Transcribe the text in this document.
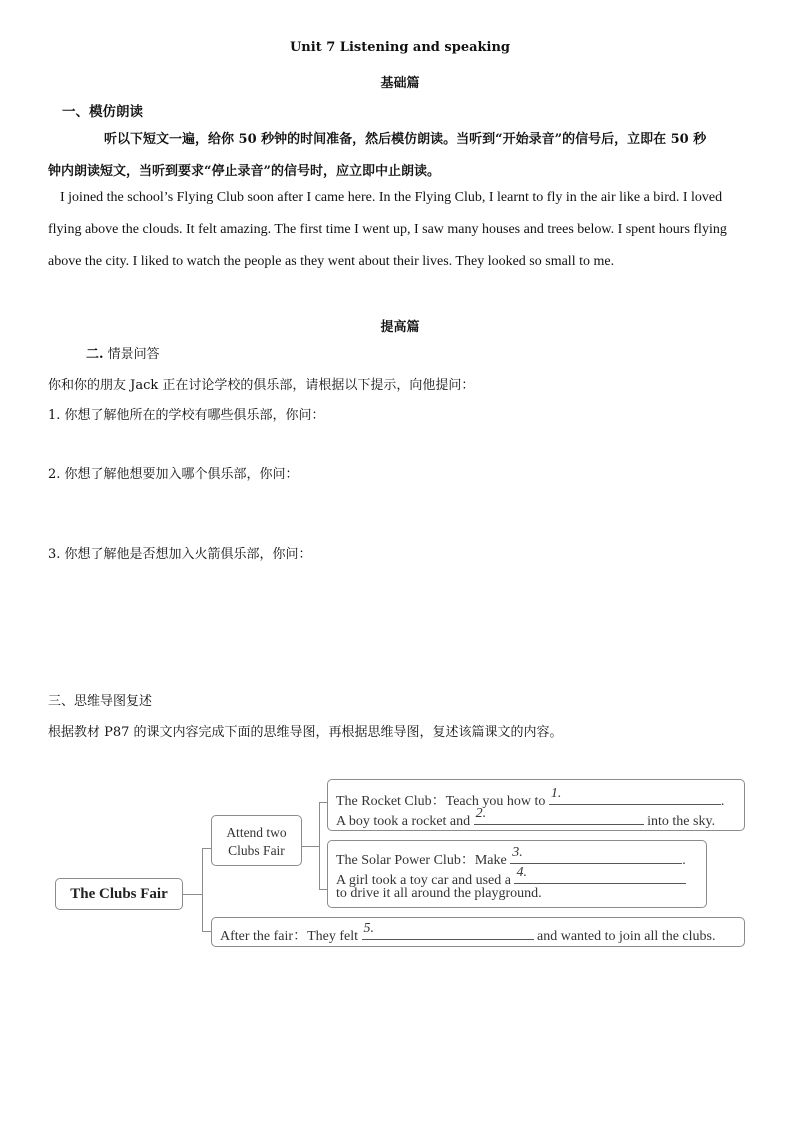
Unit 7 Listening and speaking
基础篇
一、模仿朗读
听以下短文一遍，给你 50 秒钟的时间准备，然后模仿朗读。当听到“开始录音”的信号后，立即在 50 秒
钟内朗读短文，当听到要求“停止录音”的信号时，应立即中止朗读。
I joined the school’s Flying Club soon after I came here. In the Flying Club, I learnt to fly in the air like a bird. I loved
flying above the clouds. It felt amazing. The first time I went up, I saw many houses and trees below. I spent hours flying
above the city. I liked to watch the people as they went about their lives. They looked so small to me.
提高篇
二. 情景问答
你和你的朋友 Jack 正在讨论学校的俱乐部，请根据以下提示，向他提问：
1. 你想了解他所在的学校有哪些俱乐部，你问：
2. 你想了解他想要加入哪个俱乐部，你问：
3. 你想了解他是否想加入火箭俱乐部，你问：
三、思维导图复述
根据教材 P87 的课文内容完成下面的思维导图，再根据思维导图，复述该篇课文的内容。
The Clubs Fair
Attend two Clubs Fair
The Rocket Club：Teach you how to
1.
.
A boy took a rocket and
2.
into the sky.
The Solar Power Club：Make
3.
.
A girl took a toy car and used a
4.
to drive it all around the playground.
After the fair：They felt
5.
and wanted to join all the clubs.
